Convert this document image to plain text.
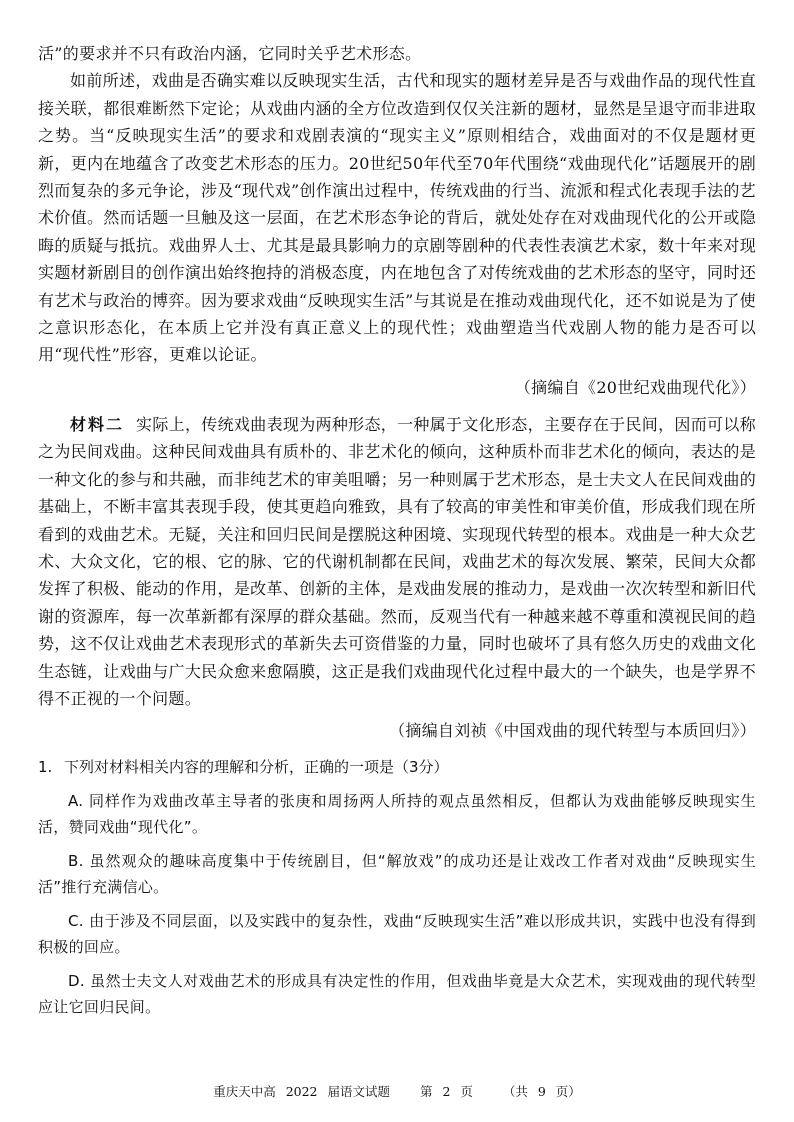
活”的要求并不只有政治内涵，它同时关乎艺术形态。

如前所述，戏曲是否确实难以反映现实生活，古代和现实的题材差异是否与戏曲作品的现代性直接关联，都很难断然下定论；从戏曲内涵的全方位改造到仅仅关注新的题材，显然是呈退守而非进取之势。当“反映现实生活”的要求和戏剧表演的“现实主义”原则相结合，戏曲面对的不仅是题材更新，更内在地蕴含了改变艺术形态的压力。20世纪50年代至70年代围绕“戏曲现代化”话题展开的剧烈而复杂的多元争论，涉及“现代戏”创作演出过程中，传统戏曲的行当、流派和程式化表现手法的艺术价值。然而话题一旦触及这一层面，在艺术形态争论的背后，就处处存在对戏曲现代化的公开或隐晦的质疑与抵抗。戏曲界人士、尤其是最具影响力的京剧等剧种的代表性表演艺术家，数十年来对现实题材新剧目的创作演出始终抱持的消极态度，内在地包含了对传统戏曲的艺术形态的坚守，同时还有艺术与政治的博弈。因为要求戏曲“反映现实生活”与其说是在推动戏曲现代化，还不如说是为了使之意识形态化，在本质上它并没有真正意义上的现代性；戏曲塑造当代戏剧人物的能力是否可以用“现代性”形容，更难以论证。

（摘编自《20世纪戏曲现代化》）

材料二 实际上，传统戏曲表现为两种形态，一种属于文化形态，主要存在于民间，因而可以称之为民间戏曲。这种民间戏曲具有质朴的、非艺术化的倾向，这种质朴而非艺术化的倾向，表达的是一种文化的参与和共融，而非纯艺术的审美咀嚼；另一种则属于艺术形态，是士夫文人在民间戏曲的基础上，不断丰富其表现手段，使其更趋向雅致，具有了较高的审美性和审美价值，形成我们现在所看到的戏曲艺术。无疑，关注和回归民间是摆脱这种困境、实现现代转型的根本。戏曲是一种大众艺术、大众文化，它的根、它的脉、它的代谢机制都在民间，戏曲艺术的每次发展、繁荣，民间大众都发挥了积极、能动的作用，是改革、创新的主体，是戏曲发展的推动力，是戏曲一次次转型和新旧代谢的资源库，每一次革新都有深厚的群众基础。然而，反观当代有一种越来越不尊重和漠视民间的趋势，这不仅让戏曲艺术表现形式的革新失去可资借鉴的力量，同时也破坏了具有悠久历史的戏曲文化生态链，让戏曲与广大民众愈来愈隔膜，这正是我们戏曲现代化过程中最大的一个缺失，也是学界不得不正视的一个问题。

（摘编自刘祯《中国戏曲的现代转型与本质回归》）

1. 下列对材料相关内容的理解和分析，正确的一项是（3分）

A. 同样作为戏曲改革主导者的张庚和周扬两人所持的观点虽然相反，但都认为戏曲能够反映现实生活，赞同戏曲“现代化”。

B. 虽然观众的趣味高度集中于传统剧目，但“解放戏”的成功还是让戏改工作者对戏曲“反映现实生活”推行充满信心。

C. 由于涉及不同层面，以及实践中的复杂性，戏曲“反映现实生活”难以形成共识，实践中也没有得到积极的回应。

D. 虽然士夫文人对戏曲艺术的形成具有决定性的作用，但戏曲毕竟是大众艺术，实现戏曲的现代转型应让它回归民间。

重庆天中高 2022 届语文试题 第 2 页 （共 9 页）
